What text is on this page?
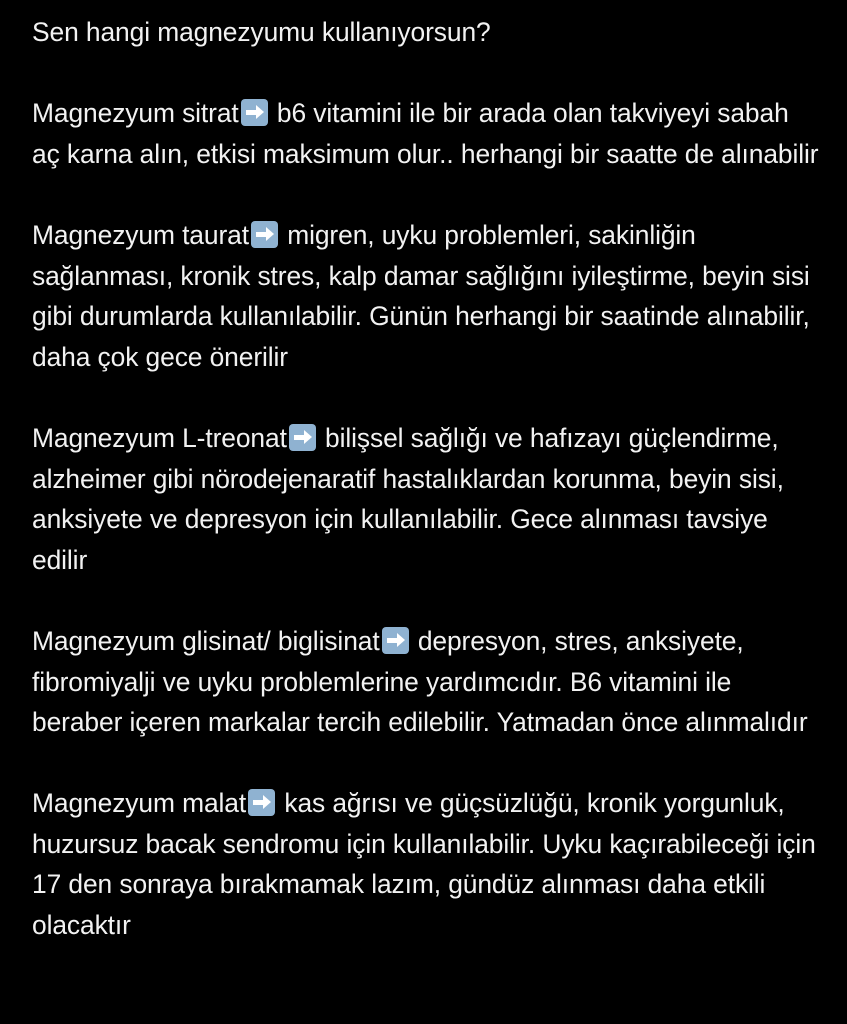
Sen hangi magnezyumu kullanıyorsun?

Magnezyum sitrat b6 vitamini ile bir arada olan takviyeyi sabah aç karna alın, etkisi maksimum olur.. herhangi bir saatte de alınabilir

Magnezyum taurat migren, uyku problemleri, sakinliğin sağlanması, kronik stres, kalp damar sağlığını iyileştirme, beyin sisi gibi durumlarda kullanılabilir. Günün herhangi bir saatinde alınabilir, daha çok gece önerilir

Magnezyum L-treonat bilişsel sağlığı ve hafızayı güçlendirme, alzheimer gibi nörodejenaratif hastalıklardan korunma, beyin sisi, anksiyete ve depresyon için kullanılabilir. Gece alınması tavsiye edilir

Magnezyum glisinat/ biglisinat depresyon, stres, anksiyete, fibromiyalji ve uyku problemlerine yardımcıdır. B6 vitamini ile beraber içeren markalar tercih edilebilir. Yatmadan önce alınmalıdır

Magnezyum malat kas ağrısı ve güçsüzlüğü, kronik yorgunluk, huzursuz bacak sendromu için kullanılabilir. Uyku kaçırabileceği için 17 den sonraya bırakmamak lazım, gündüz alınması daha etkili olacaktır
